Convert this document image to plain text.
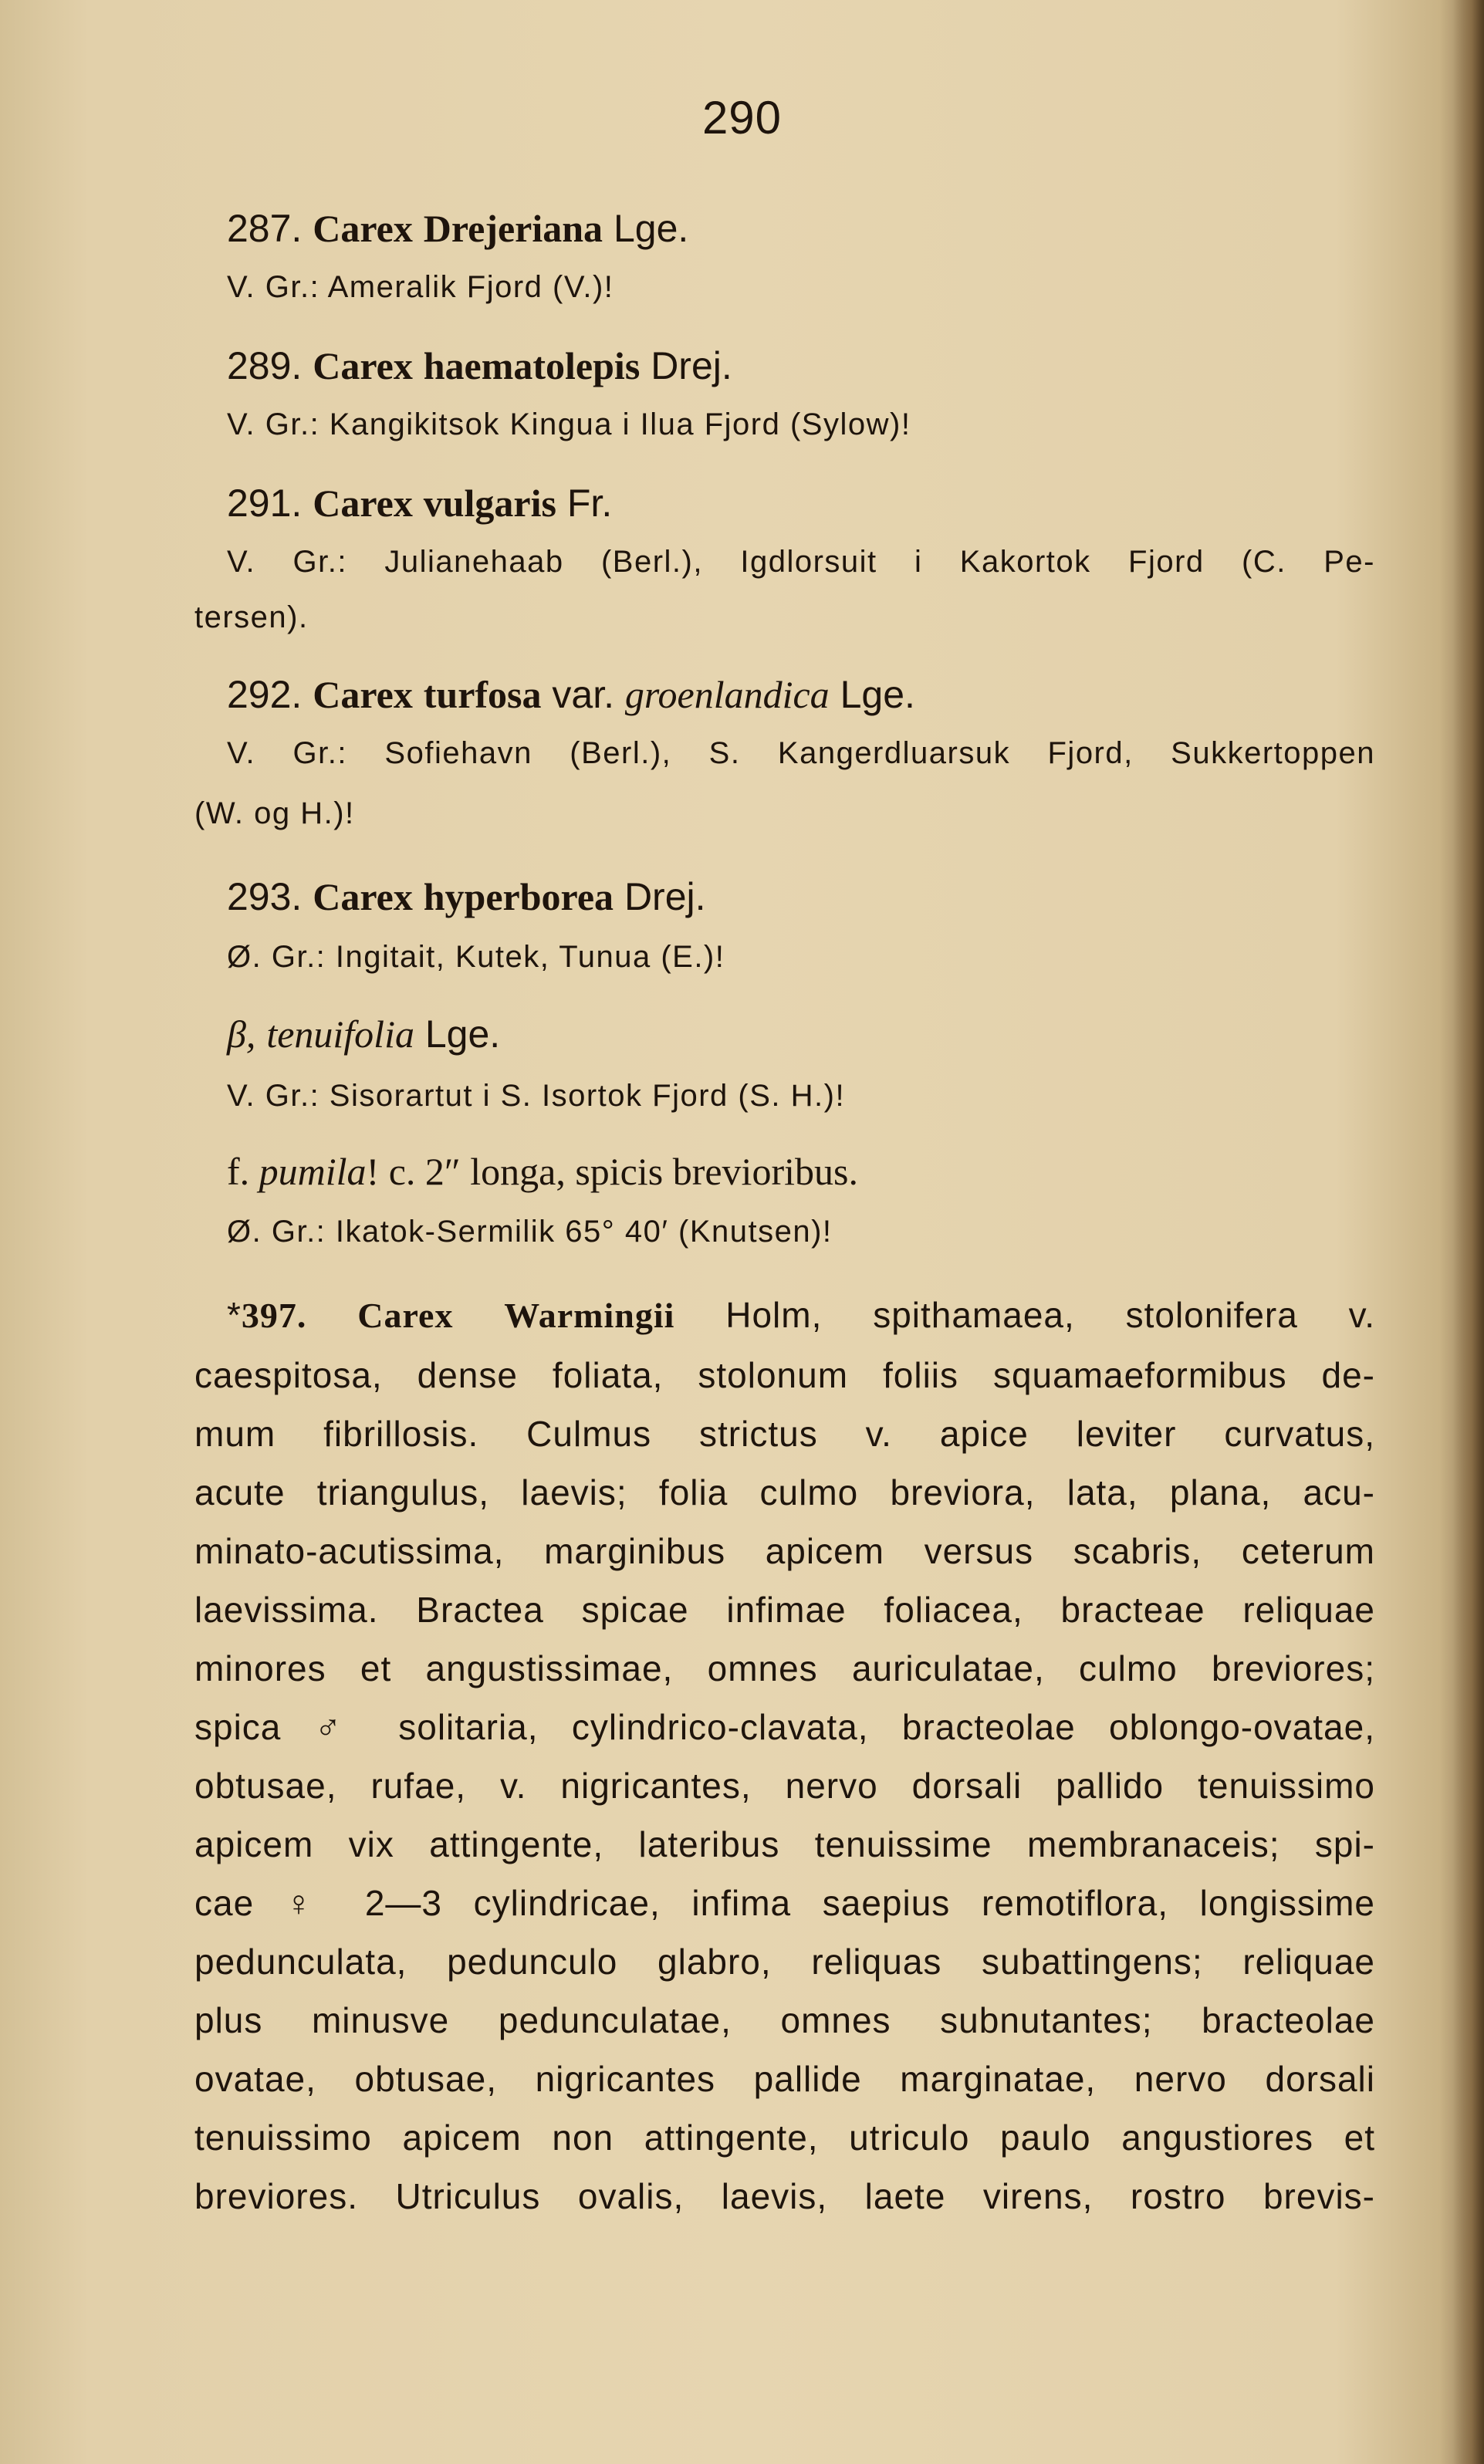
290
287. Carex Drejeriana Lge.
V. Gr.: Ameralik Fjord (V.)!
289. Carex haematolepis Drej.
V. Gr.: Kangikitsok Kingua i Ilua Fjord (Sylow)!
291. Carex vulgaris Fr.
V. Gr.: Julianehaab (Berl.), Igdlorsuit i Kakortok Fjord (C. Pe-
tersen).
292. Carex turfosa var. groenlandica Lge.
V. Gr.: Sofiehavn (Berl.), S. Kangerdluarsuk Fjord, Sukkertoppen
(W. og H.)!
293. Carex hyperborea Drej.
Ø. Gr.: Ingitait, Kutek, Tunua (E.)!
β, tenuifolia Lge.
V. Gr.: Sisorartut i S. Isortok Fjord (S. H.)!
f. pumila! c. 2″ longa, spicis brevioribus.
Ø. Gr.: Ikatok-Sermilik 65° 40′ (Knutsen)!
*397. Carex Warmingii Holm, spithamaea, stolonifera v.
caespitosa, dense foliata, stolonum foliis squamaeformibus de-
mum fibrillosis. Culmus strictus v. apice leviter curvatus,
acute triangulus, laevis; folia culmo breviora, lata, plana, acu-
minato-acutissima, marginibus apicem versus scabris, ceterum
laevissima. Bractea spicae infimae foliacea, bracteae reliquae
minores et angustissimae, omnes auriculatae, culmo breviores;
spica ♂ solitaria, cylindrico-clavata, bracteolae oblongo-ovatae,
obtusae, rufae, v. nigricantes, nervo dorsali pallido tenuissimo
apicem vix attingente, lateribus tenuissime membranaceis; spi-
cae ♀ 2—3 cylindricae, infima saepius remotiflora, longissime
pedunculata, pedunculo glabro, reliquas subattingens; reliquae
plus minusve pedunculatae, omnes subnutantes; bracteolae
ovatae, obtusae, nigricantes pallide marginatae, nervo dorsali
tenuissimo apicem non attingente, utriculo paulo angustiores et
breviores. Utriculus ovalis, laevis, laete virens, rostro brevis-
